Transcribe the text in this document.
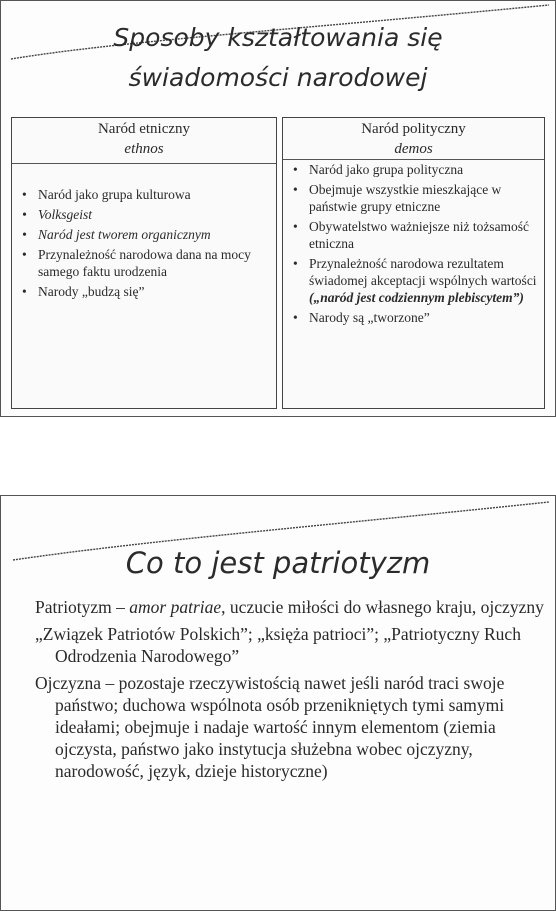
Sposoby kształtowania się
świadomości narodowej
Naród etniczny
ethnos
• Naród jako grupa kulturowa
• Volksgeist
• Naród jest tworem organicznym
• Przynależność narodowa dana na mocy samego faktu urodzenia
• Narody „budzą się”
Naród polityczny
demos
• Naród jako grupa polityczna
• Obejmuje wszystkie mieszkające w państwie grupy etniczne
• Obywatelstwo ważniejsze niż tożsamość etniczna
• Przynależność narodowa rezultatem świadomej akceptacji wspólnych wartości
(„naród jest codziennym plebiscytem”)
• Narody są „tworzone”
Co to jest patriotyzm

Patriotyzm – amor patriae, uczucie miłości do własnego kraju, ojczyzny

„Związek Patriotów Polskich”; „księża patrioci”; „Patriotyczny Ruch Odrodzenia Narodowego”

Ojczyzna – pozostaje rzeczywistością nawet jeśli naród traci swoje państwo; duchowa wspólnota osób przenikniętych tymi samymi ideałami; obejmuje i nadaje wartość innym elementom (ziemia ojczysta, państwo jako instytucja służebna wobec ojczyzny, narodowość, język, dzieje historyczne)
